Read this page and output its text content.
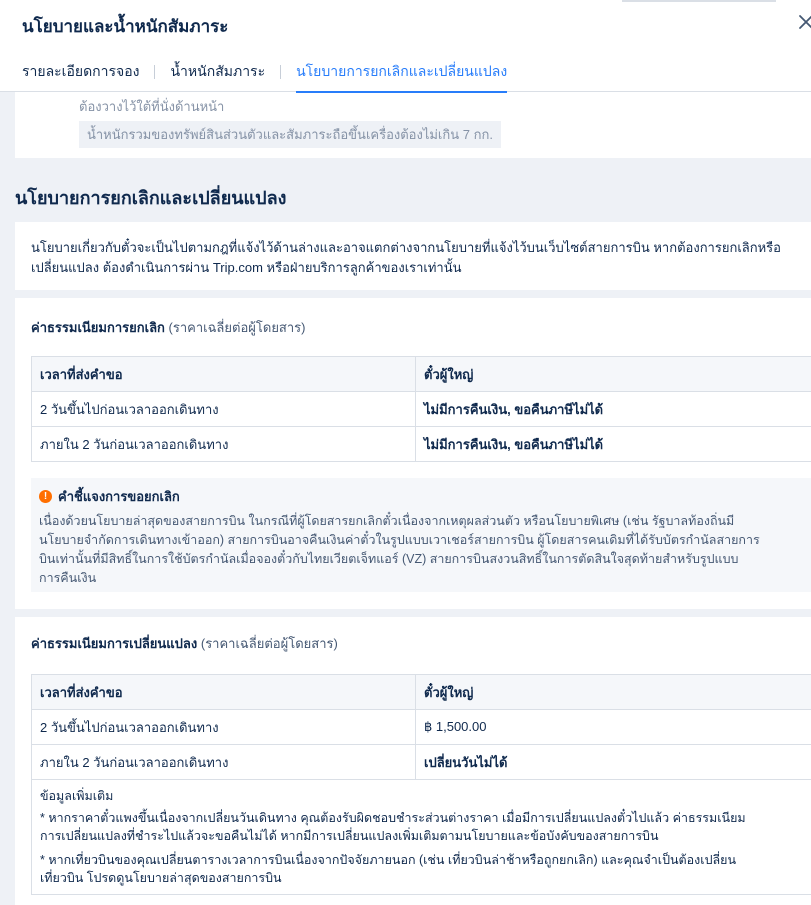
นโยบายและน้ำหนักสัมภาระ
รายละเอียดการจอง น้ำหนักสัมภาระ นโยบายการยกเลิกและเปลี่ยนแปลง
ต้องวางไว้ใต้ที่นั่งด้านหน้า
น้ำหนักรวมของทรัพย์สินส่วนตัวและสัมภาระถือขึ้นเครื่องต้องไม่เกิน 7 กก.
นโยบายการยกเลิกและเปลี่ยนแปลง
นโยบายเกี่ยวกับตั๋วจะเป็นไปตามกฎที่แจ้งไว้ด้านล่างและอาจแตกต่างจากนโยบายที่แจ้งไว้บนเว็บไซต์สายการบิน หากต้องการยกเลิกหรือเปลี่ยนแปลง ต้องดำเนินการผ่าน Trip.com หรือฝ่ายบริการลูกค้าของเราเท่านั้น
ค่าธรรมเนียมการยกเลิก (ราคาเฉลี่ยต่อผู้โดยสาร)
เวลาที่ส่งคำขอ	ตั๋วผู้ใหญ่
2 วันขึ้นไปก่อนเวลาออกเดินทาง	ไม่มีการคืนเงิน, ขอคืนภาษีไม่ได้
ภายใน 2 วันก่อนเวลาออกเดินทาง	ไม่มีการคืนเงิน, ขอคืนภาษีไม่ได้
! คำชี้แจงการขอยกเลิก
เนื่องด้วยนโยบายล่าสุดของสายการบิน ในกรณีที่ผู้โดยสารยกเลิกตั๋วเนื่องจากเหตุผลส่วนตัว หรือนโยบายพิเศษ (เช่น รัฐบาลท้องถิ่นมี
นโยบายจำกัดการเดินทางเข้าออก) สายการบินอาจคืนเงินค่าตั๋วในรูปแบบเวาเชอร์สายการบิน ผู้โดยสารคนเดิมที่ได้รับบัตรกำนัลสายการ
บินเท่านั้นที่มีสิทธิ์ในการใช้บัตรกำนัลเมื่อจองตั๋วกับไทยเวียตเจ็ทแอร์ (VZ) สายการบินสงวนสิทธิ์ในการตัดสินใจสุดท้ายสำหรับรูปแบบ
การคืนเงิน
ค่าธรรมเนียมการเปลี่ยนแปลง (ราคาเฉลี่ยต่อผู้โดยสาร)
เวลาที่ส่งคำขอ	ตั๋วผู้ใหญ่
2 วันขึ้นไปก่อนเวลาออกเดินทาง	฿ 1,500.00
ภายใน 2 วันก่อนเวลาออกเดินทาง	เปลี่ยนวันไม่ได้
ข้อมูลเพิ่มเติม
* หากราคาตั๋วแพงขึ้นเนื่องจากเปลี่ยนวันเดินทาง คุณต้องรับผิดชอบชำระส่วนต่างราคา เมื่อมีการเปลี่ยนแปลงตั๋วไปแล้ว ค่าธรรมเนียม
การเปลี่ยนแปลงที่ชำระไปแล้วจะขอคืนไม่ได้ หากมีการเปลี่ยนแปลงเพิ่มเติมตามนโยบายและข้อบังคับของสายการบิน
* หากเที่ยวบินของคุณเปลี่ยนตารางเวลาการบินเนื่องจากปัจจัยภายนอก (เช่น เที่ยวบินล่าช้าหรือถูกยกเลิก) และคุณจำเป็นต้องเปลี่ยน
เที่ยวบิน โปรดดูนโยบายล่าสุดของสายการบิน
